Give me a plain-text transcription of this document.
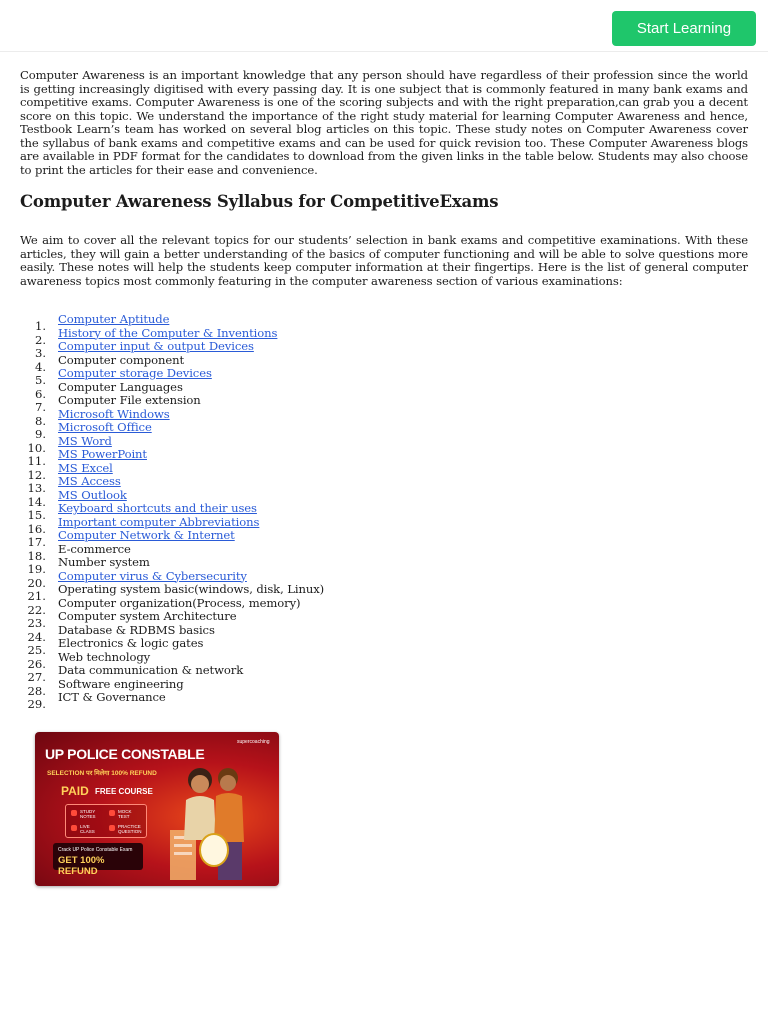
Start Learning
Computer Awareness is an important knowledge that any person should have regardless of their profession since the world is getting increasingly digitised with every passing day. It is one subject that is commonly featured in many bank exams and competitive exams. Computer Awareness is one of the scoring subjects and with the right preparation,can grab you a decent score on this topic. We understand the importance of the right study material for learning Computer Awareness and hence, Testbook Learn’s team has worked on several blog articles on this topic. These study notes on Computer Awareness cover the syllabus of bank exams and competitive exams and can be used for quick revision too. These Computer Awareness blogs are available in PDF format for the candidates to download from the given links in the table below. Students may also choose to print the articles for their ease and convenience.
Computer Awareness Syllabus for CompetitiveExams
We aim to cover all the relevant topics for our students’ selection in bank exams and competitive examinations. With these articles, they will gain a better understanding of the basics of computer functioning and will be able to solve questions more easily. These notes will help the students keep computer information at their fingertips. Here is the list of general computer awareness topics most commonly featuring in the computer awareness section of various examinations:
1.
2.
3.
4.
5.
6.
7.
8.
9.
10.
11.
12.
13.
14.
15.
16.
17.
18.
19.
20.
21.
22.
23.
24.
25.
26.
27.
28.
29.
Computer Aptitude
History of the Computer & Inventions
Computer input & output Devices
Computer component
Computer storage Devices
Computer Languages
Computer File extension
Microsoft Windows
Microsoft Office
MS Word
MS PowerPoint
MS Excel
MS Access
MS Outlook
Keyboard shortcuts and their uses
Important computer Abbreviations
Computer Network & Internet
E-commerce
Number system
Computer virus & Cybersecurity
Operating system basic(windows, disk, Linux)
Computer organization(Process, memory)
Computer system Architecture
Database & RDBMS basics
Electronics & logic gates
Web technology
Data communication & network
Software engineering
ICT & Governance
UP POLICE CONSTABLE
supercoaching
SELECTION पर मिलेगा 100% REFUND
PAID FREE COURSE
STUDY NOTES
MOCK TEST
LIVE CLASS
PRACTICE QUESTION
Crack UP Police Constable Exam
GET 100% REFUND
